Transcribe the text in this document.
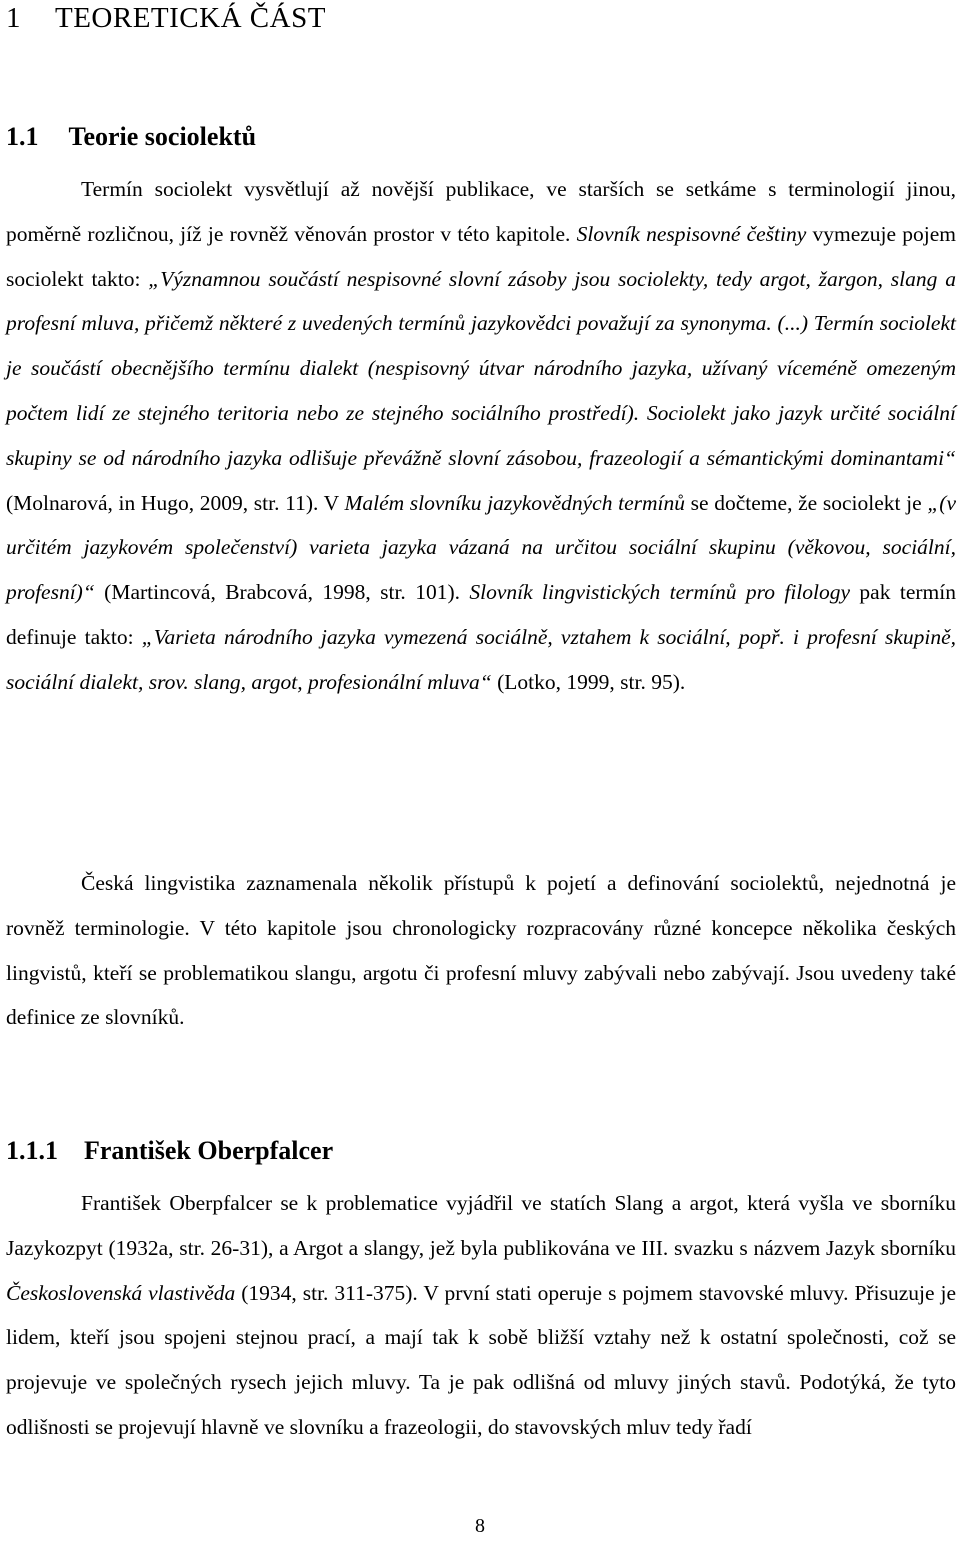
1 TEORETICKÁ ČÁST
1.1 Teorie sociolektů

Termín sociolekt vysvětlují až novější publikace, ve starších se setkáme s terminologií jinou, poměrně rozličnou, jíž je rovněž věnován prostor v této kapitole. Slovník nespisovné češtiny vymezuje pojem sociolekt takto: „Významnou součástí nespisovné slovní zásoby jsou sociolekty, tedy argot, žargon, slang a profesní mluva, přičemž některé z uvedených termínů jazykovědci považují za synonyma. (...) Termín sociolekt je součástí obecnějšího termínu dialekt (nespisovný útvar národního jazyka, užívaný víceméně omezeným počtem lidí ze stejného teritoria nebo ze stejného sociálního prostředí). Sociolekt jako jazyk určité sociální skupiny se od národního jazyka odlišuje převážně slovní zásobou, frazeologií a sémantickými dominantami“ (Molnarová, in Hugo, 2009, str. 11). V Malém slovníku jazykovědných termínů se dočteme, že sociolekt je „(v určitém jazykovém společenství) varieta jazyka vázaná na určitou sociální skupinu (věkovou, sociální, profesní)“ (Martincová, Brabcová, 1998, str. 101). Slovník lingvistických termínů pro filology pak termín definuje takto: „Varieta národního jazyka vymezená sociálně, vztahem k sociální, popř. i profesní skupině, sociální dialekt, srov. slang, argot, profesionální mluva“ (Lotko, 1999, str. 95).

Česká lingvistika zaznamenala několik přístupů k pojetí a definování sociolektů, nejednotná je rovněž terminologie. V této kapitole jsou chronologicky rozpracovány různé koncepce několika českých lingvistů, kteří se problematikou slangu, argotu či profesní mluvy zabývali nebo zabývají. Jsou uvedeny také definice ze slovníků.

1.1.1 František Oberpfalcer

František Oberpfalcer se k problematice vyjádřil ve statích Slang a argot, která vyšla ve sborníku Jazykozpyt (1932a, str. 26-31), a Argot a slangy, jež byla publikována ve III. svazku s názvem Jazyk sborníku Československá vlastivěda (1934, str. 311-375). V první stati operuje s pojmem stavovské mluvy. Přisuzuje je lidem, kteří jsou spojeni stejnou prací, a mají tak k sobě bližší vztahy než k ostatní společnosti, což se projevuje ve společných rysech jejich mluvy. Ta je pak odlišná od mluvy jiných stavů. Podotýká, že tyto odlišnosti se projevují hlavně ve slovníku a frazeologii, do stavovských mluv tedy řadí

8
